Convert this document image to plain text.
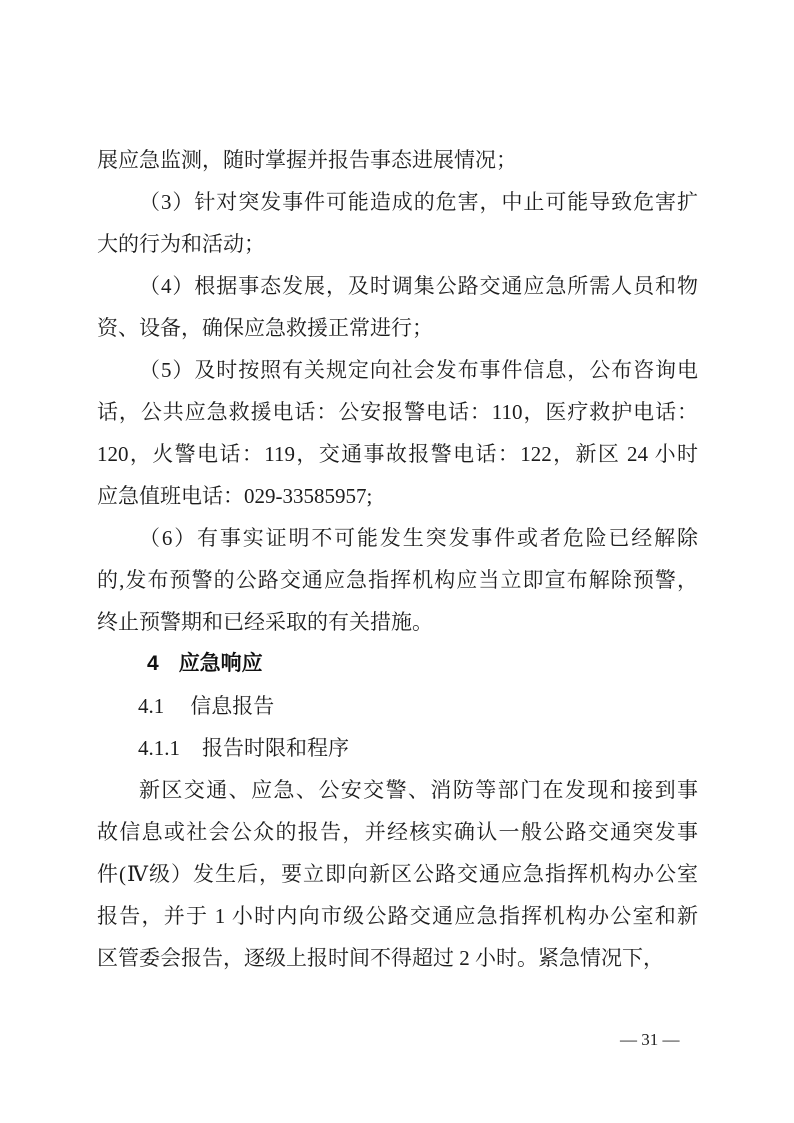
展应急监测，随时掌握并报告事态进展情况；
（3）针对突发事件可能造成的危害，中止可能导致危害扩
大的行为和活动；
（4）根据事态发展，及时调集公路交通应急所需人员和物
资、设备，确保应急救援正常进行；
（5）及时按照有关规定向社会发布事件信息，公布咨询电
话，公共应急救援电话：公安报警电话：110，医疗救护电话：
120，火警电话：119，交通事故报警电话：122，新区 24 小时
应急值班电话：029-33585957;
（6）有事实证明不可能发生突发事件或者危险已经解除
的,发布预警的公路交通应急指挥机构应当立即宣布解除预警，
终止预警期和已经采取的有关措施。
4 应急响应
4.1 信息报告
4.1.1 报告时限和程序
新区交通、应急、公安交警、消防等部门在发现和接到事
故信息或社会公众的报告，并经核实确认一般公路交通突发事
件(Ⅳ级）发生后，要立即向新区公路交通应急指挥机构办公室
报告，并于 1 小时内向市级公路交通应急指挥机构办公室和新
区管委会报告，逐级上报时间不得超过 2 小时。紧急情况下，
— 31 —
